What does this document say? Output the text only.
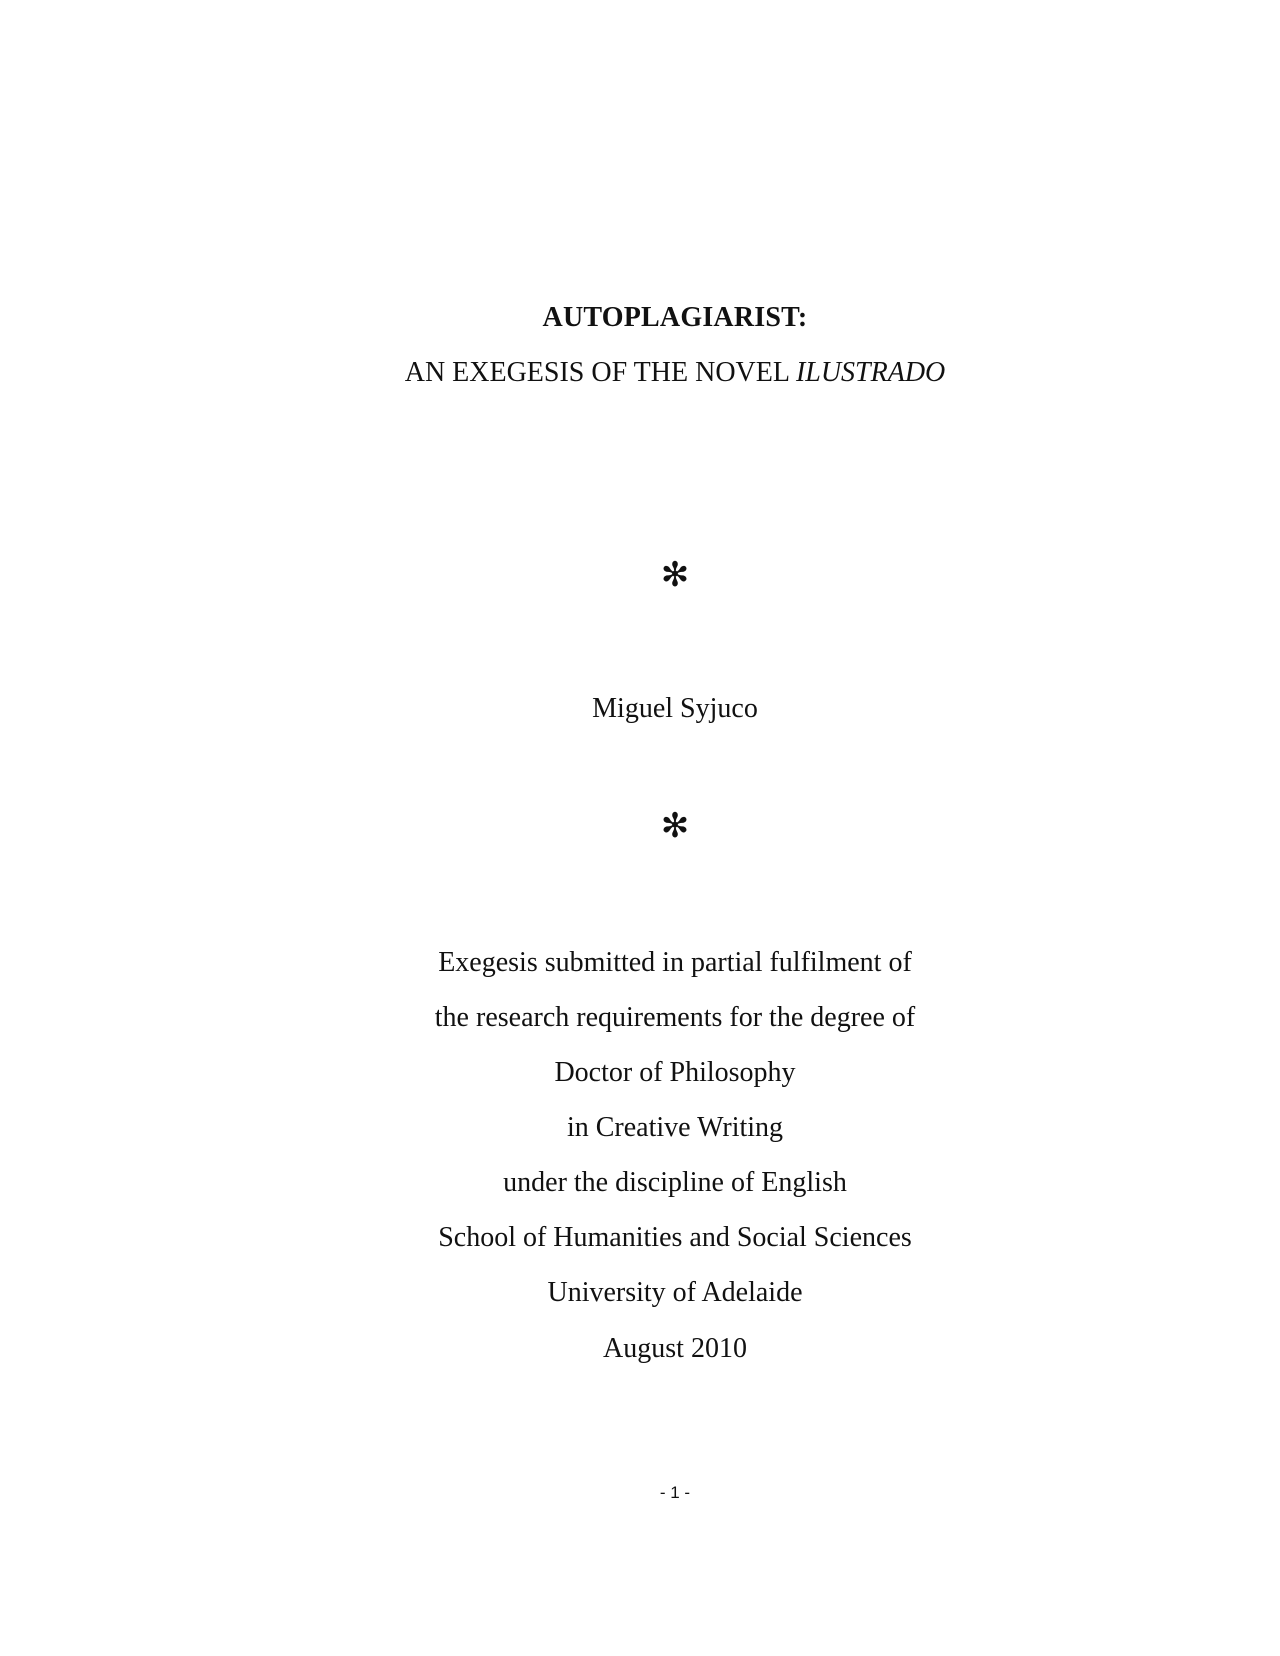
AUTOPLAGIARIST:
AN EXEGESIS OF THE NOVEL ILUSTRADO
✻
Miguel Syjuco
✻
Exegesis submitted in partial fulfilment of
the research requirements for the degree of
Doctor of Philosophy
in Creative Writing
under the discipline of English
School of Humanities and Social Sciences
University of Adelaide
August 2010
- 1 -
